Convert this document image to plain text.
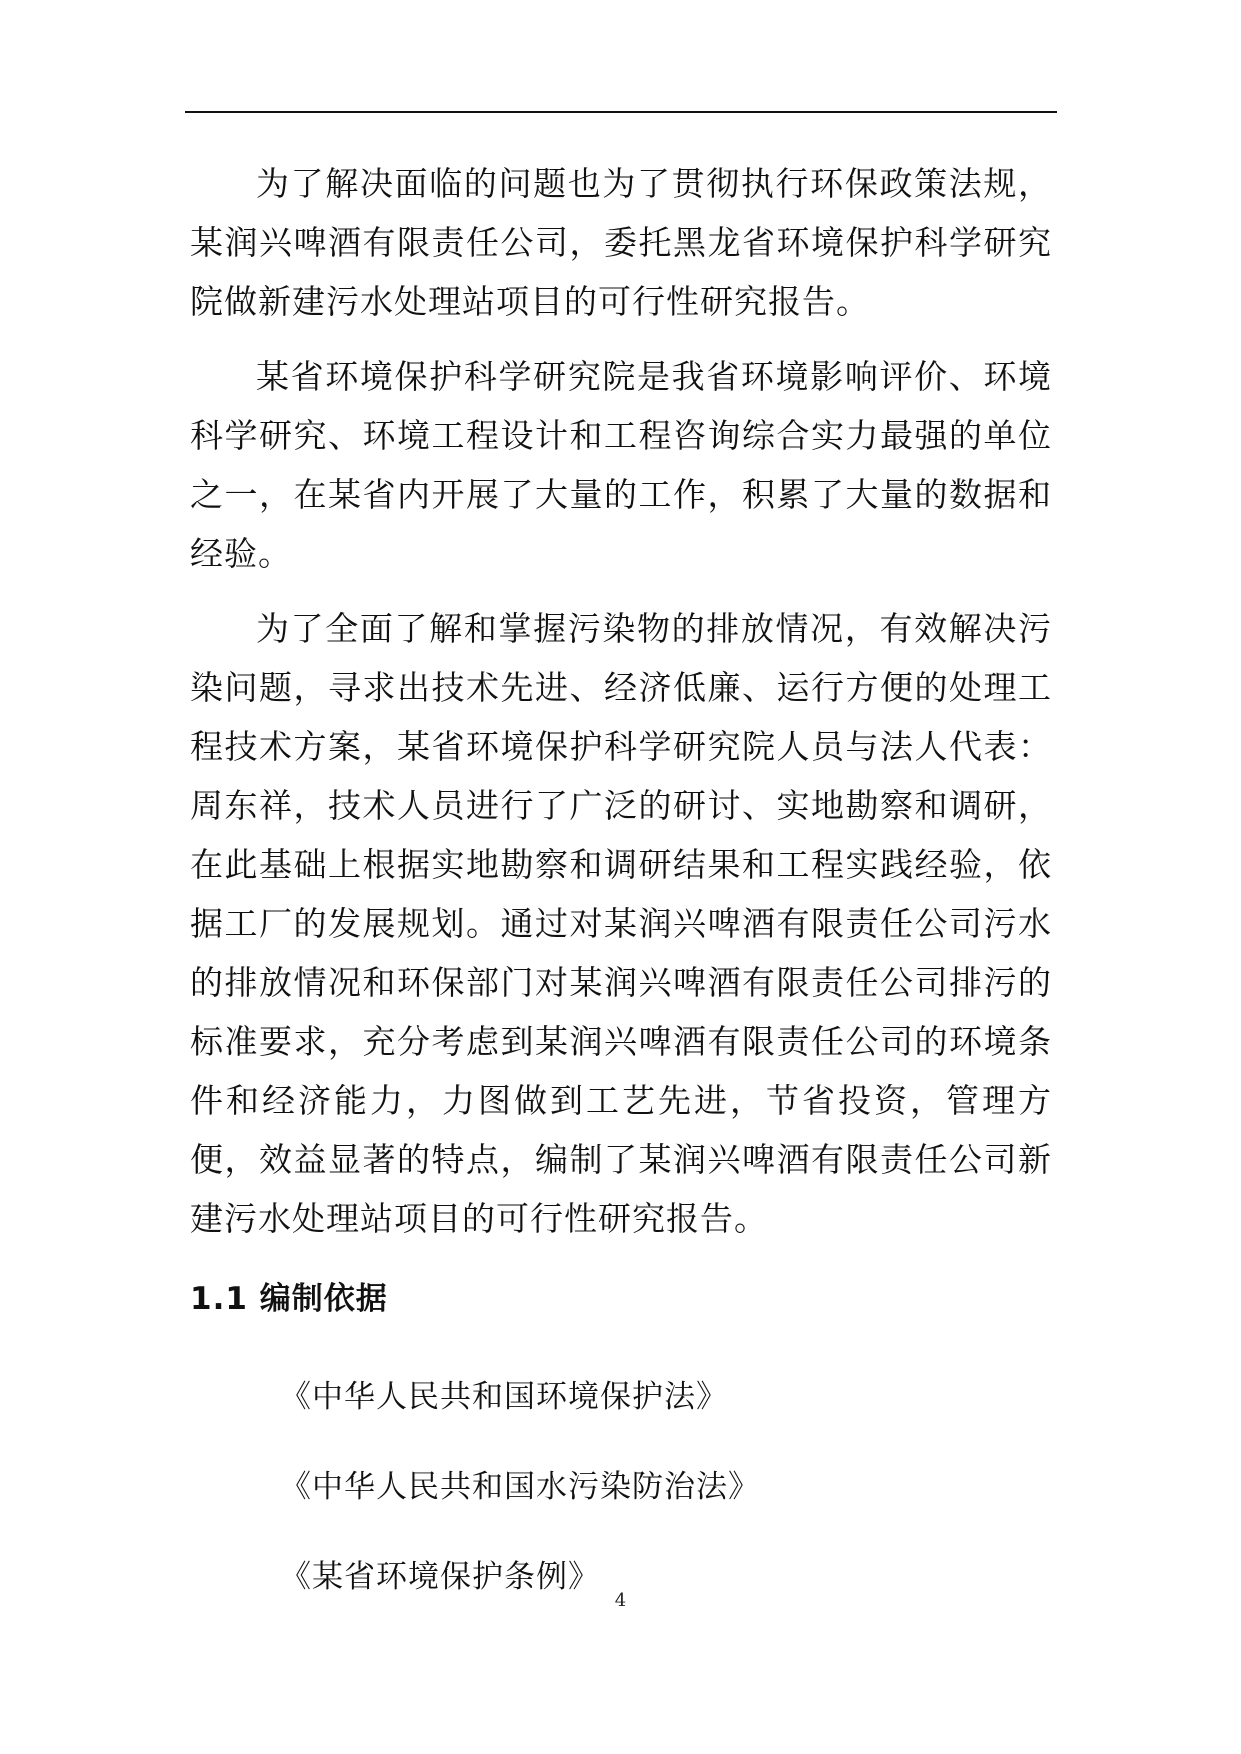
为了解决面临的问题也为了贯彻执行环保政策法规，某润兴啤酒有限责任公司，委托黑龙省环境保护科学研究院做新建污水处理站项目的可行性研究报告。

某省环境保护科学研究院是我省环境影响评价、环境科学研究、环境工程设计和工程咨询综合实力最强的单位之一，在某省内开展了大量的工作，积累了大量的数据和经验。

为了全面了解和掌握污染物的排放情况，有效解决污染问题，寻求出技术先进、经济低廉、运行方便的处理工程技术方案，某省环境保护科学研究院人员与法人代表：周东祥，技术人员进行了广泛的研讨、实地勘察和调研，在此基础上根据实地勘察和调研结果和工程实践经验，依据工厂的发展规划。通过对某润兴啤酒有限责任公司污水的排放情况和环保部门对某润兴啤酒有限责任公司排污的标准要求，充分考虑到某润兴啤酒有限责任公司的环境条件和经济能力，力图做到工艺先进，节省投资，管理方便，效益显著的特点，编制了某润兴啤酒有限责任公司新建污水处理站项目的可行性研究报告。

1.1 编制依据
《中华人民共和国环境保护法》
《中华人民共和国水污染防治法》
《某省环境保护条例》
4
